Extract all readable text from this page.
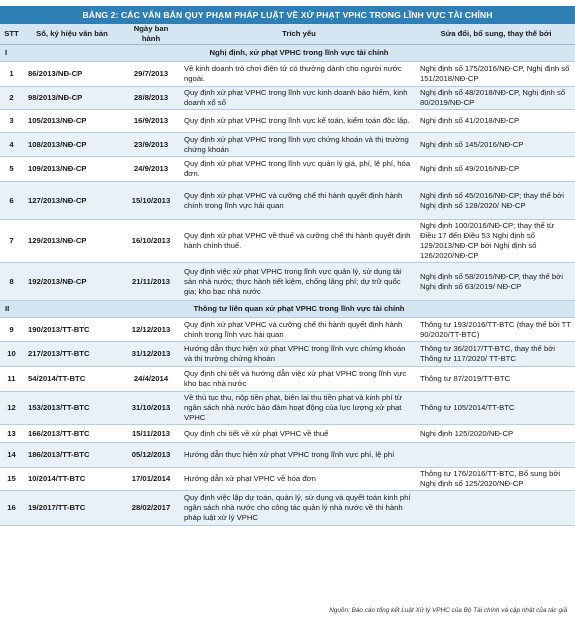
BẢNG 2: CÁC VĂN BẢN QUY PHẠM PHÁP LUẬT VỀ XỬ PHẠT VPHC TRONG LĨNH VỰC TÀI CHÍNH
STT	Số, ký hiệu văn bản	Ngày ban hành	Trích yếu	Sửa đổi, bổ sung, thay thế bởi
I	Nghị định, xử phạt VPHC trong lĩnh vực tài chính			
1	86/2013/NĐ-CP	29/7/2013	Về kinh doanh trò chơi điện tử có thưởng dành cho người nước ngoài.	Nghị định số 175/2016/NĐ-CP, Nghị định số 151/2018/NĐ-CP
2	98/2013/NĐ-CP	28/8/2013	Quy định xử phạt VPHC trong lĩnh vực kinh doanh bảo hiểm, kinh doanh xổ số	Nghị định số 48/2018/NĐ-CP, Nghị định số 80/2019/NĐ-CP
3	105/2013/NĐ-CP	16/9/2013	Quy định xử phạt VPHC trong lĩnh vực kế toán, kiểm toán độc lập.	Nghị định số 41/2018/NĐ-CP
4	108/2013/NĐ-CP	23/9/2013	Quy định xử phạt VPHC trong lĩnh vực chứng khoán và thị trường chứng khoán	Nghị định số 145/2016/NĐ-CP
5	109/2013/NĐ-CP	24/9/2013	Quy định xử phạt VPHC trong lĩnh vực quản lý giá, phí, lệ phí, hóa đơn.	Nghị định số 49/2016/NĐ-CP
6	127/2013/NĐ-CP	15/10/2013	Quy định xử phạt VPHC và cưỡng chế thi hành quyết định hành chính trong lĩnh vực hải quan	Nghị định số 45/2016/NĐ-CP; thay thế bởi Nghị định số 128/2020/ NĐ-CP
7	129/2013/NĐ-CP	16/10/2013	Quy định xử phạt VPHC về thuế và cưỡng chế thi hành quyết định hành chính thuế.	Nghị định 100/2016/NĐ-CP; thay thế từ Điều 17 đến Điều 53 Nghị định số 129/2013/NĐ-CP bởi Nghị định số 126/2020/NĐ-CP
8	192/2013/NĐ-CP	21/11/2013	Quy định việc xử phạt VPHC trong lĩnh vực quản lý, sử dụng tài sản nhà nước; thực hành tiết kiệm, chống lãng phí; dự trữ quốc gia; kho bạc nhà nước	Nghị định số 58/2015/NĐ-CP, thay thế bởi Nghị định số 63/2019/ NĐ-CP
II	Thông tư liên quan xử phạt VPHC trong lĩnh vực tài chính			
9	190/2013/TT-BTC	12/12/2013	Quy định xử phạt VPHC và cưỡng chế thi hành quyết định hành chính trong lĩnh vực hải quan	Thông tư 193/2016/TT-BTC (thay thế bởi TT 90/2020/TT-BTC)
10	217/2013/TT-BTC	31/12/2013	Hướng dẫn thực hiện xử phạt VPHC trong lĩnh vực chứng khoán và thị trường chứng khoán	Thông tư 36/2017/TT-BTC, thay thế bởi Thông tư 117/2020/ TT-BTC
11	54/2014/TT-BTC	24/4/2014	Quy định chi tiết và hướng dẫn việc xử phạt VPHC trong lĩnh vực kho bạc nhà nước	Thông tư 87/2019/TT-BTC
12	153/2013/TT-BTC	31/10/2013	Về thủ tục thu, nộp tiền phạt, biên lai thu tiền phạt và kinh phí từ ngân sách nhà nước bảo đảm hoạt động của lực lượng xử phạt VPHC	Thông tư 105/2014/TT-BTC
13	166/2013/TT-BTC	15/11/2013	Quy định chi tiết về xử phạt VPHC về thuế	Nghị định 125/2020/NĐ-CP
14	186/2013/TT-BTC	05/12/2013	Hướng dẫn thực hiện xử phạt VPHC trong lĩnh vực phí, lệ phí	
15	10/2014/TT-BTC	17/01/2014	Hướng dẫn xử phạt VPHC về hóa đơn	Thông tư 176/2016/TT-BTC, Bổ sung bởi Nghị định số 125/2020/NĐ-CP
16	19/2017/TT-BTC	28/02/2017	Quy định việc lập dự toán, quản lý, sử dụng và quyết toán kinh phí ngân sách nhà nước cho công tác quản lý nhà nước về thi hành pháp luật xử lý VPHC	
Nguồn: Báo cáo tổng kết Luật Xử lý VPHC của Bộ Tài chính và cập nhật của tác giả
